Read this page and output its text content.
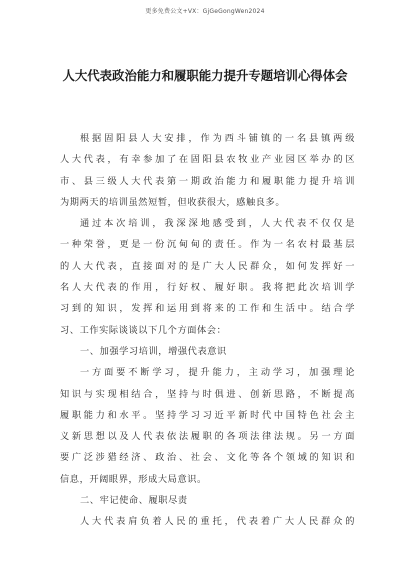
更多免费公文+VX：GjGeGongWen2024
人大代表政治能力和履职能力提升专题培训心得体会
根据固阳县人大安排，作为西斗铺镇的一名县镇两级
人大代表，有幸参加了在固阳县农牧业产业园区举办的区
市、县三级人大代表第一期政治能力和履职能力提升培训
为期两天的培训虽然短暂，但收获很大，感触良多。
通过本次培训，我深深地感受到，人大代表不仅仅是
一种荣誉，更是一份沉甸甸的责任。作为一名农村最基层
的人大代表，直接面对的是广大人民群众，如何发挥好一
名人大代表的作用，行好权、履好职。我将把此次培训学
习到的知识，发挥和运用到将来的工作和生活中。结合学
习、工作实际谈谈以下几个方面体会：
一、加强学习培训，增强代表意识
一方面要不断学习，提升能力，主动学习，加强理论
知识与实现相结合，坚持与时俱进、创新思路，不断提高
履职能力和水平。坚持学习习近平新时代中国特色社会主
义新思想以及人代表依法履职的各项法律法规。另一方面
要广泛涉猎经济、政治、社会、文化等各个领域的知识和
信息，开阔眼界，形成大局意识。
二、牢记使命、履职尽责
人大代表肩负着人民的重托，代表着广大人民群众的
